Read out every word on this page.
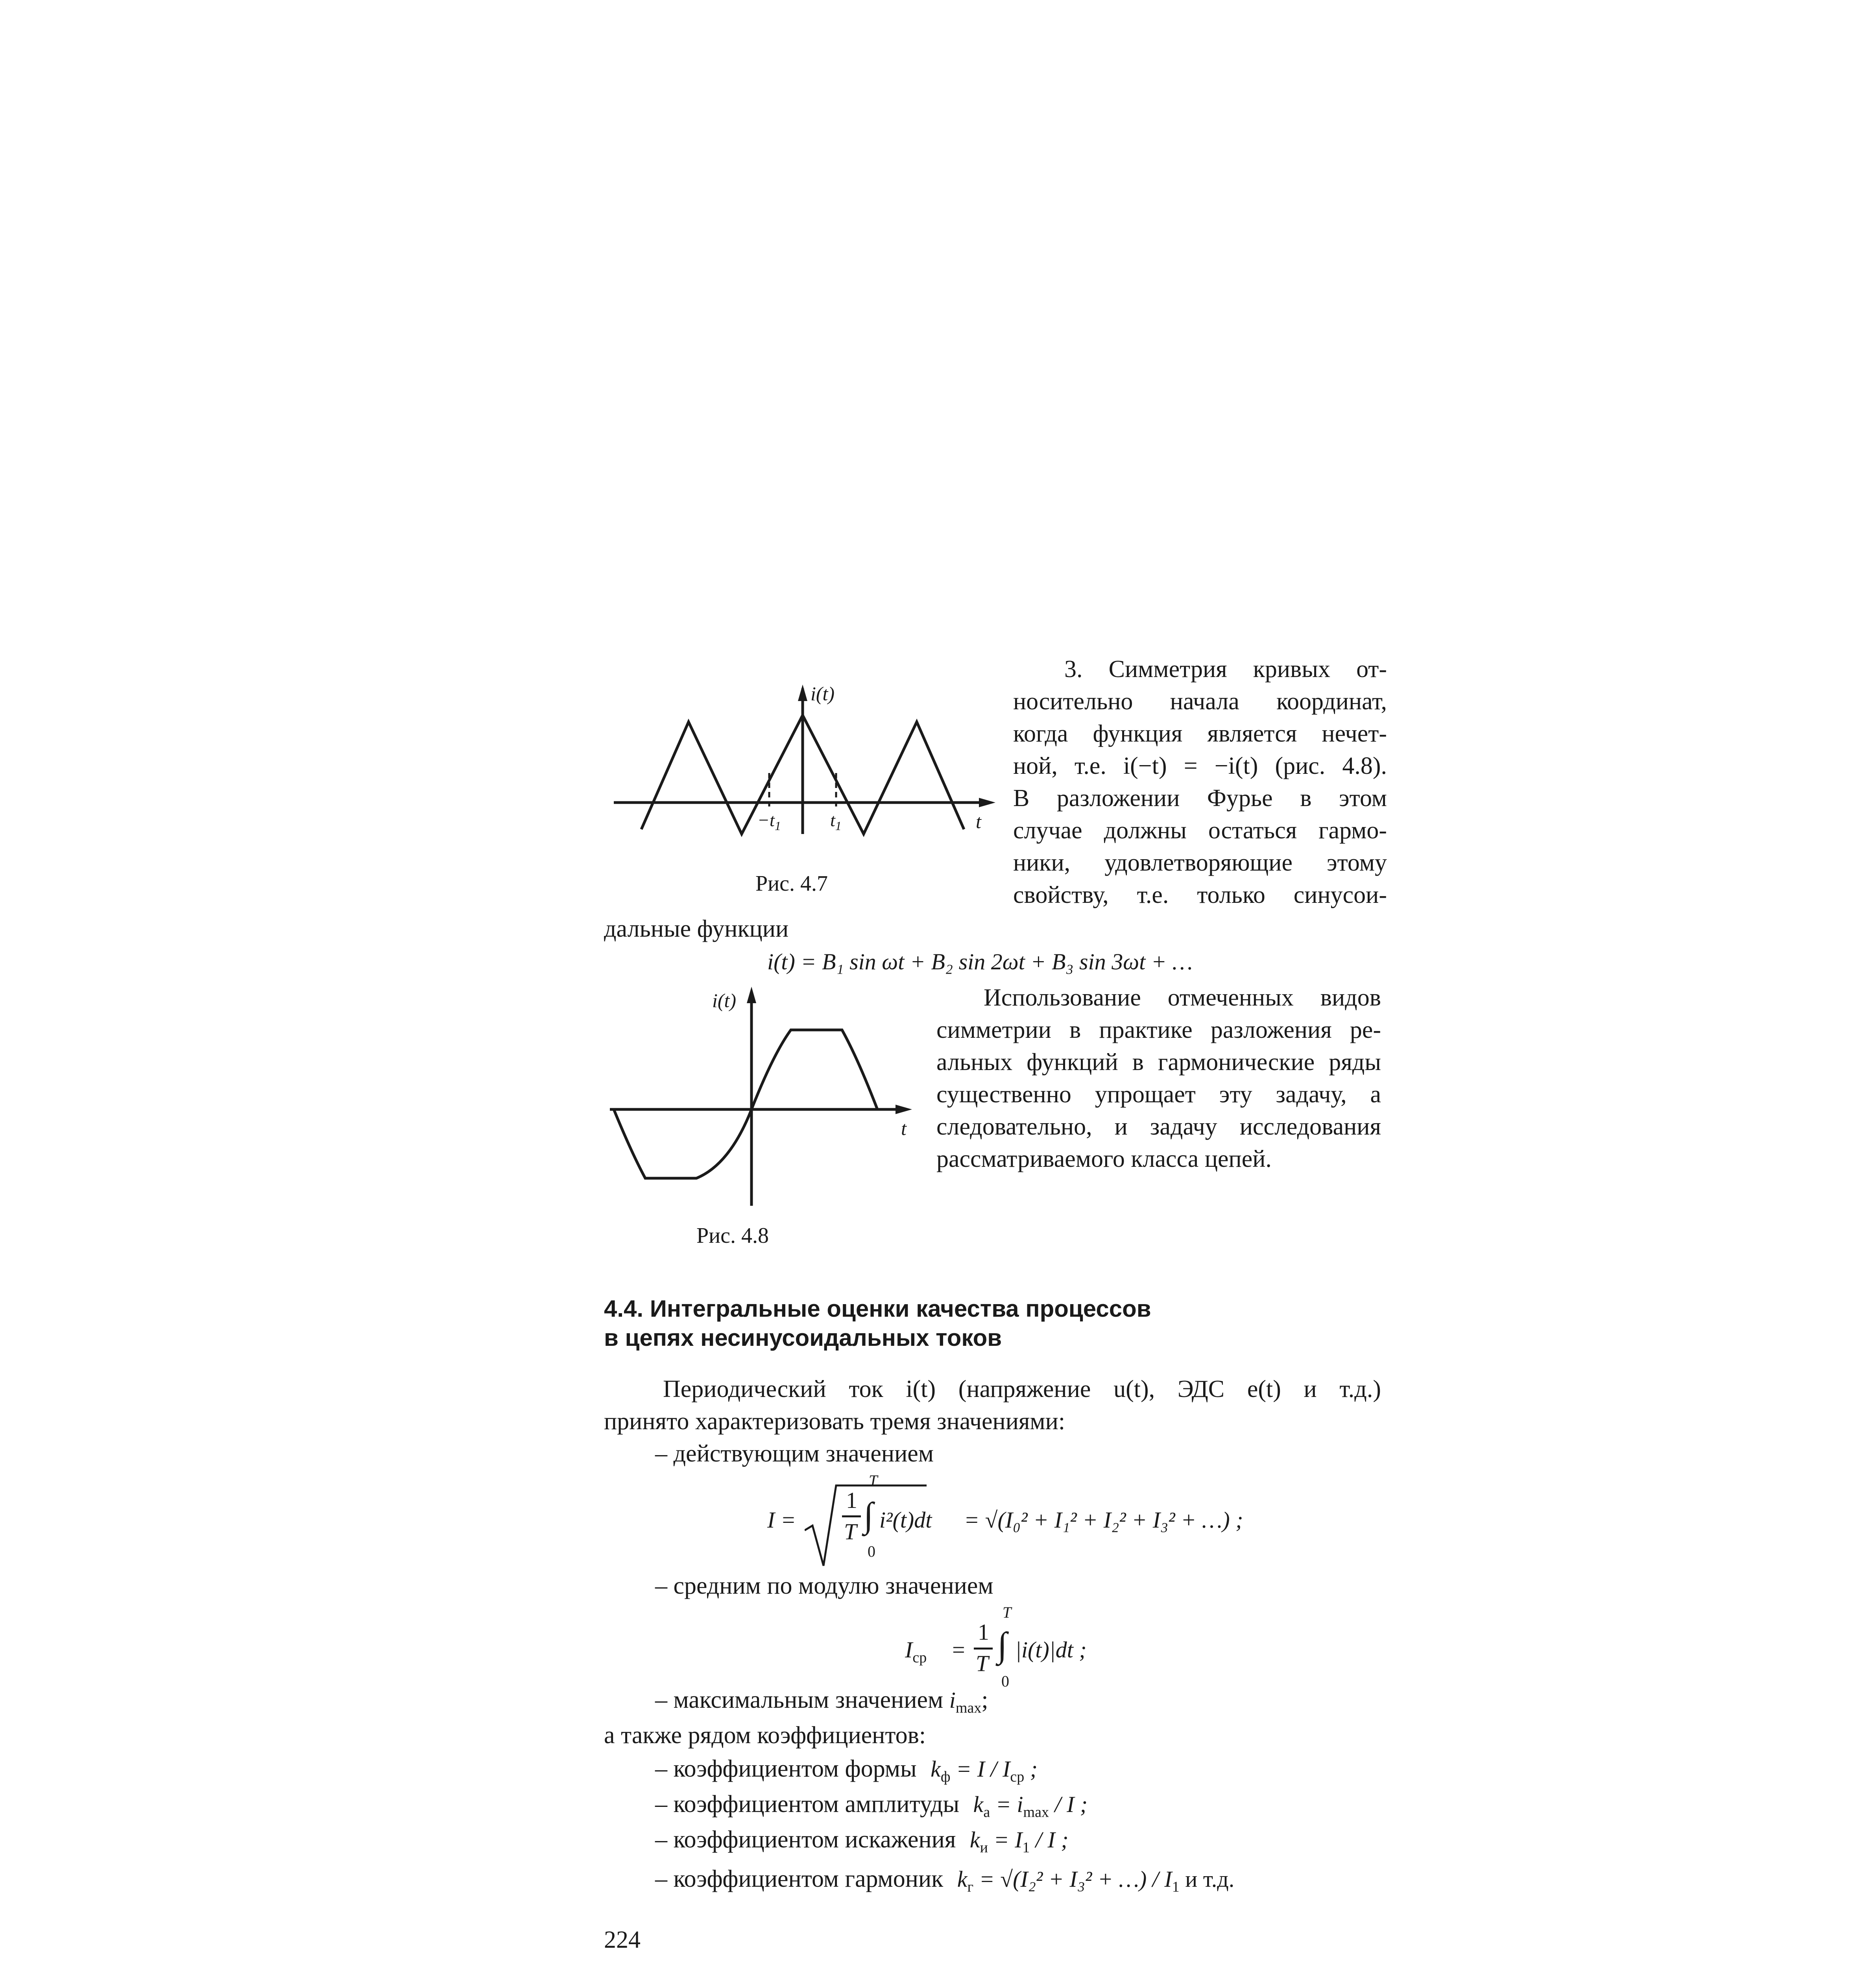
i(t)
t
$-t_1$	$t_1$
Рис. 4.7
3. Симметрия кривых от-
носительно начала координат,
когда функция является нечет-
ной, т.е. i(−t) = −i(t) (рис. 4.8).
В разложении Фурье в этом
случае должны остаться гармо-
ники, удовлетворяющие этому
свойству, т.е. только синусои-
дальные функции
i(t) = B₁ sin ωt + B₂ sin 2ωt + B₃ sin 3ωt + …
i(t)
t
Рис. 4.8
Использование отмеченных видов
симметрии в практике разложения ре-
альных функций в гармонические ряды
существенно упрощает эту задачу, а
следовательно, и задачу исследования
рассматриваемого класса цепей.
4.4. Интегральные оценки качества процессов
в цепях несинусоидальных токов
Периодический ток i(t) (напряжение u(t), ЭДС e(t) и т.д.)
принято характеризовать тремя значениями:
– действующим значением
I =
1
T
T
∫
0
i²(t)dt = √(I₀² + I₁² + I₂² + I₃² + …) ;
– средним по модулю значением
$I_{ср}$ =
1
T
T
∫
0
|i(t)|dt ;
– максимальным значением $i_{max}$;
а также рядом коэффициентов:
– коэффициентом формы $k_ф = I / I_{ср}$ ;
– коэффициентом амплитуды $k_а = i_{max} / I$ ;
– коэффициентом искажения $k_и = I_1 / I$ ;
– коэффициентом гармоник $k_г = √(I_2^2 + I_3^2$ + …) / $I_1$ и т.д.
224
